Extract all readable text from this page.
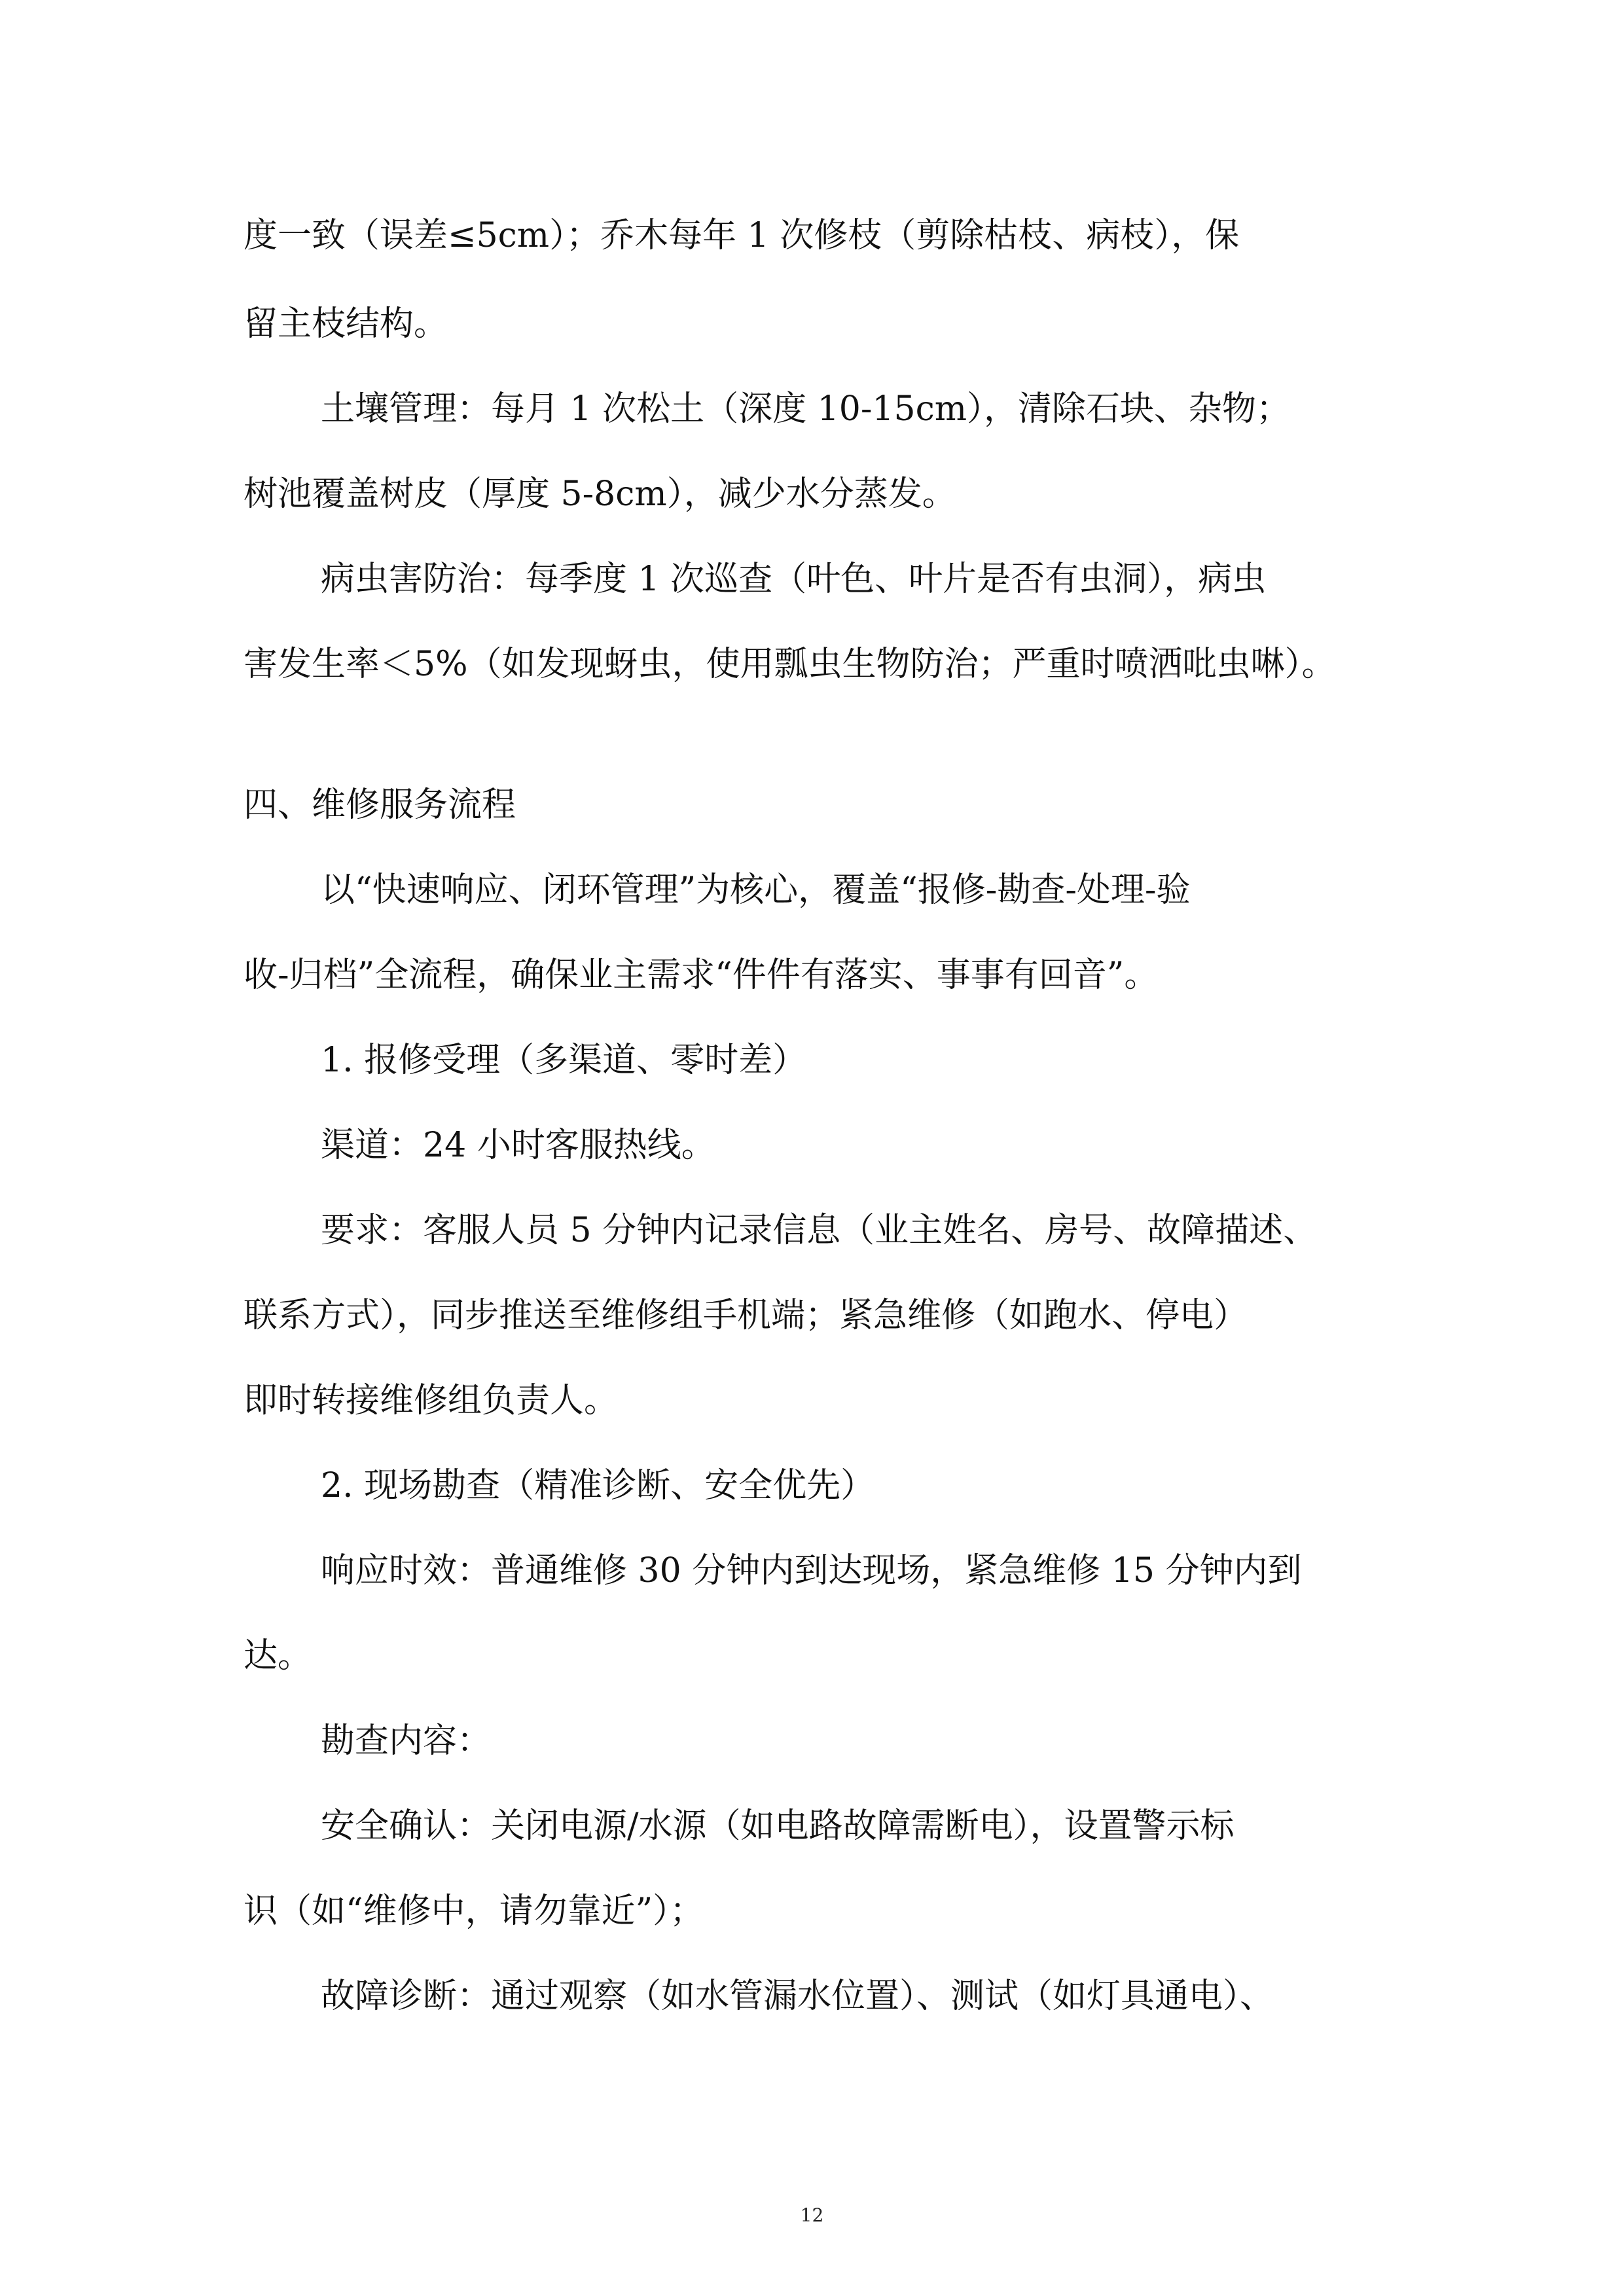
度一致（误差≤5cm）；乔木每年 1 次修枝（剪除枯枝、病枝），保
留主枝结构。
土壤管理：每月 1 次松土（深度 10-15cm），清除石块、杂物；
树池覆盖树皮（厚度 5-8cm），减少水分蒸发。
病虫害防治：每季度 1 次巡查（叶色、叶片是否有虫洞），病虫
害发生率＜5%（如发现蚜虫，使用瓢虫生物防治；严重时喷洒吡虫啉）。
四、维修服务流程
以“快速响应、闭环管理”为核心，覆盖“报修-勘查-处理-验
收-归档”全流程，确保业主需求“件件有落实、事事有回音”。
1. 报修受理（多渠道、零时差）
渠道：24 小时客服热线。
要求：客服人员 5 分钟内记录信息（业主姓名、房号、故障描述、
联系方式），同步推送至维修组手机端；紧急维修（如跑水、停电）
即时转接维修组负责人。
2. 现场勘查（精准诊断、安全优先）
响应时效：普通维修 30 分钟内到达现场，紧急维修 15 分钟内到
达。
勘查内容：
安全确认：关闭电源/水源（如电路故障需断电），设置警示标
识（如“维修中，请勿靠近”）；
故障诊断：通过观察（如水管漏水位置）、测试（如灯具通电）、
12
